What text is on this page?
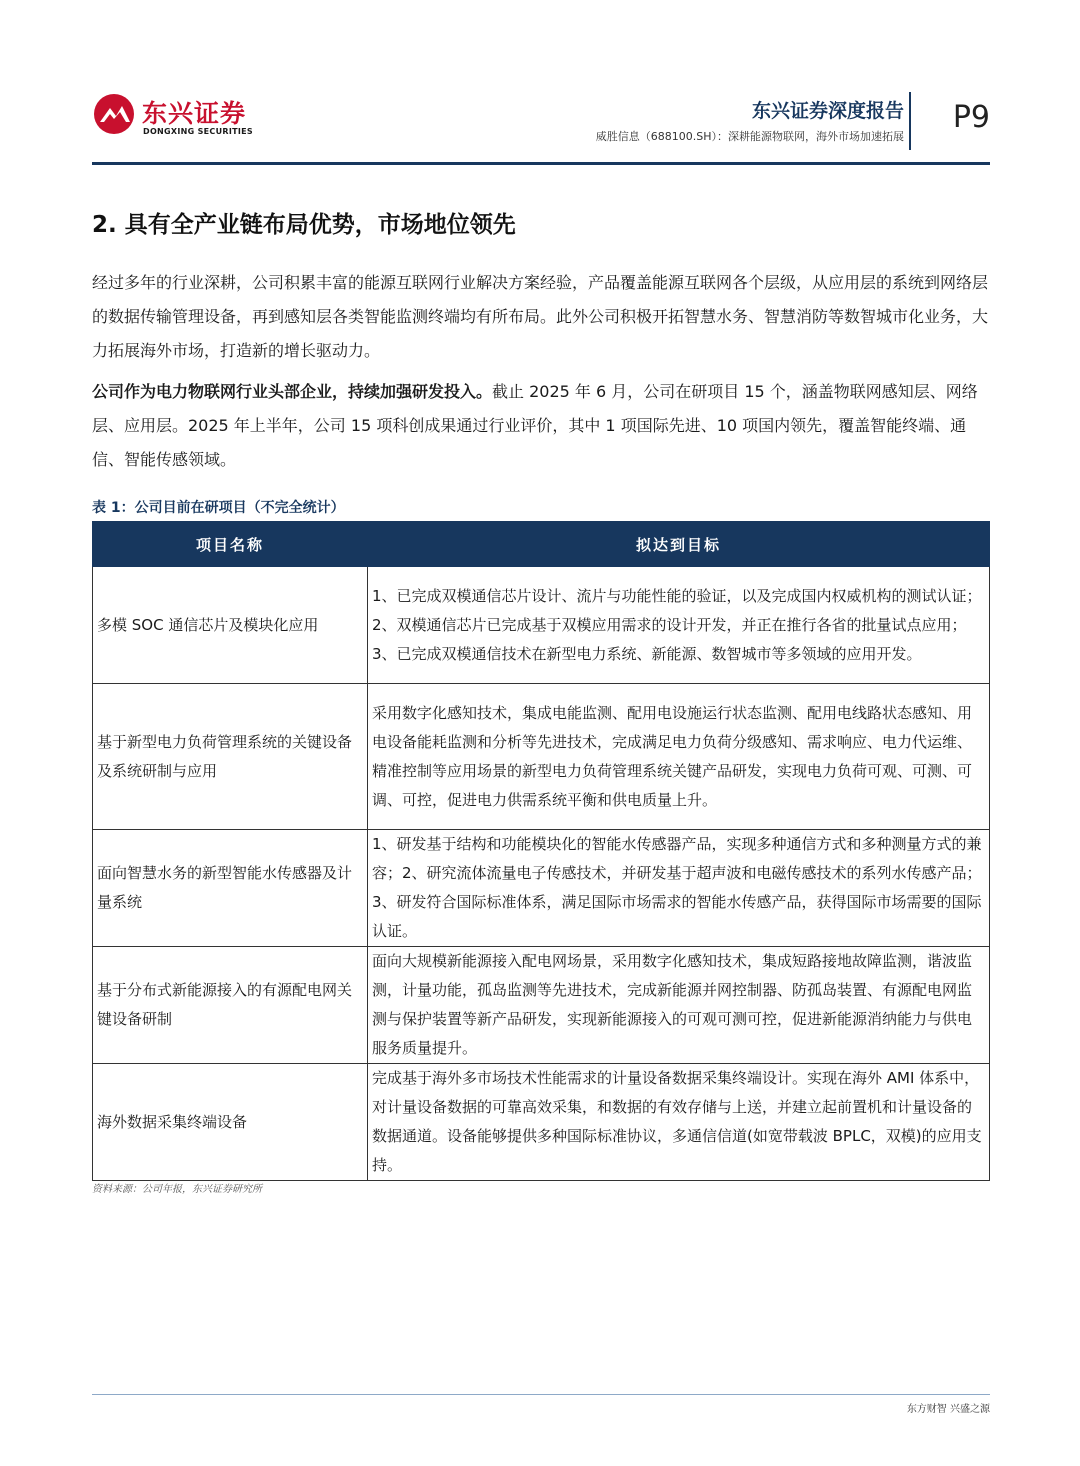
东兴证券
DONGXING SECURITIES
东兴证券深度报告
威胜信息（688100.SH）：深耕能源物联网，海外市场加速拓展
P9
2. 具有全产业链布局优势，市场地位领先
经过多年的行业深耕，公司积累丰富的能源互联网行业解决方案经验，产品覆盖能源互联网各个层级，从应用层的系统到网络层的数据传输管理设备，再到感知层各类智能监测终端均有所布局。此外公司积极开拓智慧水务、智慧消防等数智城市化业务，大力拓展海外市场，打造新的增长驱动力。
公司作为电力物联网行业头部企业，持续加强研发投入。截止 2025 年 6 月，公司在研项目 15 个，涵盖物联网感知层、网络层、应用层。2025 年上半年，公司 15 项科创成果通过行业评价，其中 1 项国际先进、10 项国内领先，覆盖智能终端、通信、智能传感领域。
表 1：公司目前在研项目（不完全统计）
项目名称	拟达到目标
多模 SOC 通信芯片及模块化应用	1、已完成双模通信芯片设计、流片与功能性能的验证，以及完成国内权威机构的测试认证；2、双模通信芯片已完成基于双模应用需求的设计开发，并正在推行各省的批量试点应用；3、已完成双模通信技术在新型电力系统、新能源、数智城市等多领域的应用开发。
基于新型电力负荷管理系统的关键设备及系统研制与应用	采用数字化感知技术，集成电能监测、配用电设施运行状态监测、配用电线路状态感知、用电设备能耗监测和分析等先进技术，完成满足电力负荷分级感知、需求响应、电力代运维、精准控制等应用场景的新型电力负荷管理系统关键产品研发，实现电力负荷可观、可测、可调、可控，促进电力供需系统平衡和供电质量上升。
面向智慧水务的新型智能水传感器及计量系统	1、研发基于结构和功能模块化的智能水传感器产品，实现多种通信方式和多种测量方式的兼容；2、研究流体流量电子传感技术，并研发基于超声波和电磁传感技术的系列水传感产品；3、研发符合国际标准体系，满足国际市场需求的智能水传感产品，获得国际市场需要的国际认证。
基于分布式新能源接入的有源配电网关键设备研制	面向大规模新能源接入配电网场景，采用数字化感知技术，集成短路接地故障监测，谐波监测，计量功能，孤岛监测等先进技术，完成新能源并网控制器、防孤岛装置、有源配电网监测与保护装置等新产品研发，实现新能源接入的可观可测可控，促进新能源消纳能力与供电服务质量提升。
海外数据采集终端设备	完成基于海外多市场技术性能需求的计量设备数据采集终端设计。实现在海外 AMI 体系中，对计量设备数据的可靠高效采集，和数据的有效存储与上送，并建立起前置机和计量设备的数据通道。设备能够提供多种国际标准协议，多通信信道(如宽带载波 BPLC，双模)的应用支持。
资料来源：公司年报，东兴证券研究所
东方财智 兴盛之源
